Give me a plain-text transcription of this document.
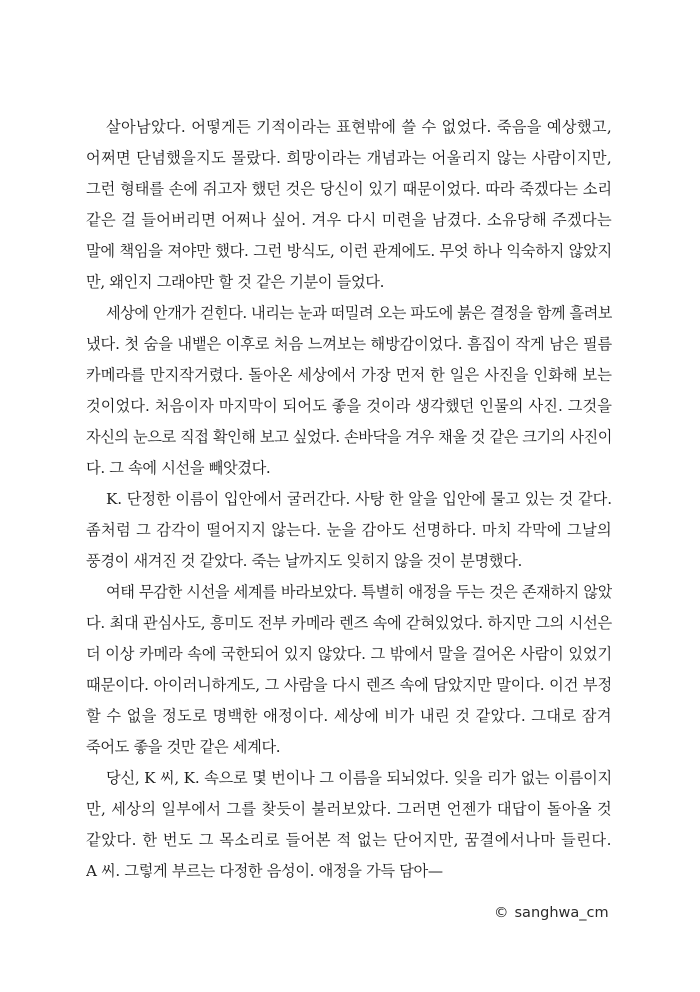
살아남았다. 어떻게든 기적이라는 표현밖에 쓸 수 없었다. 죽음을 예상했고,
어쩌면 단념했을지도 몰랐다. 희망이라는 개념과는 어울리지 않는 사람이지만,
그런 형태를 손에 쥐고자 했던 것은 당신이 있기 때문이었다. 따라 죽겠다는 소리
같은 걸 들어버리면 어쩌나 싶어. 겨우 다시 미련을 남겼다. 소유당해 주겠다는
말에 책임을 져야만 했다. 그런 방식도, 이런 관계에도. 무엇 하나 익숙하지 않았지
만, 왜인지 그래야만 할 것 같은 기분이 들었다.
세상에 안개가 걷힌다. 내리는 눈과 떠밀려 오는 파도에 붉은 결정을 함께 흘려보
냈다. 첫 숨을 내뱉은 이후로 처음 느껴보는 해방감이었다. 흠집이 작게 남은 필름
카메라를 만지작거렸다. 돌아온 세상에서 가장 먼저 한 일은 사진을 인화해 보는
것이었다. 처음이자 마지막이 되어도 좋을 것이라 생각했던 인물의 사진. 그것을
자신의 눈으로 직접 확인해 보고 싶었다. 손바닥을 겨우 채울 것 같은 크기의 사진이
다. 그 속에 시선을 빼앗겼다.
K. 단정한 이름이 입안에서 굴러간다. 사탕 한 알을 입안에 물고 있는 것 같다.
좀처럼 그 감각이 떨어지지 않는다. 눈을 감아도 선명하다. 마치 각막에 그날의
풍경이 새겨진 것 같았다. 죽는 날까지도 잊히지 않을 것이 분명했다.
여태 무감한 시선을 세계를 바라보았다. 특별히 애정을 두는 것은 존재하지 않았
다. 최대 관심사도, 흥미도 전부 카메라 렌즈 속에 갇혀있었다. 하지만 그의 시선은
더 이상 카메라 속에 국한되어 있지 않았다. 그 밖에서 말을 걸어온 사람이 있었기
때문이다. 아이러니하게도, 그 사람을 다시 렌즈 속에 담았지만 말이다. 이건 부정
할 수 없을 정도로 명백한 애정이다. 세상에 비가 내린 것 같았다. 그대로 잠겨
죽어도 좋을 것만 같은 세계다.
당신, K 씨, K. 속으로 몇 번이나 그 이름을 되뇌었다. 잊을 리가 없는 이름이지
만, 세상의 일부에서 그를 찾듯이 불러보았다. 그러면 언젠가 대답이 돌아올 것
같았다. 한 번도 그 목소리로 들어본 적 없는 단어지만, 꿈결에서나마 들린다.
A 씨. 그렇게 부르는 다정한 음성이. 애정을 가득 담아—
© sanghwa_cm
